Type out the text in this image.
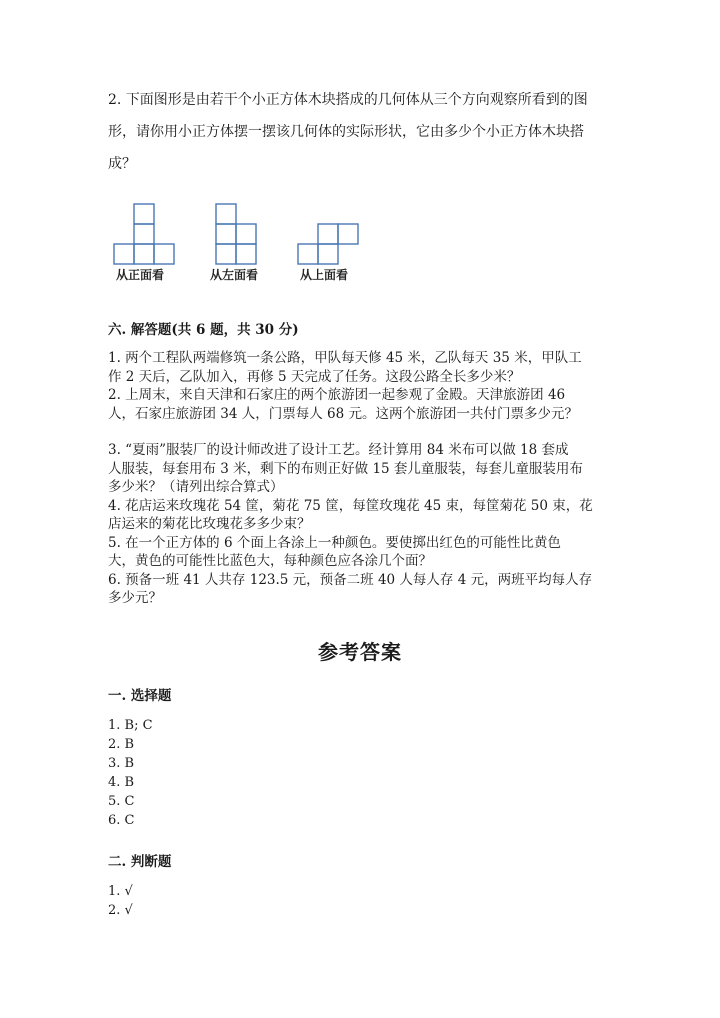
2. 下面图形是由若干个小正方体木块搭成的几何体从三个方向观察所看到的图

形，请你用小正方体摆一摆该几何体的实际形状，它由多少个小正方体木块搭

成？

从正面看	从左面看	从上面看
六. 解答题(共 6 题，共 30 分)

1. 两个工程队两端修筑一条公路，甲队每天修 45 米，乙队每天 35 米，甲队工

作 2 天后，乙队加入，再修 5 天完成了任务。这段公路全长多少米？

2. 上周末，来自天津和石家庄的两个旅游团一起参观了金殿。天津旅游团 46

人，石家庄旅游团 34 人，门票每人 68 元。这两个旅游团一共付门票多少元？

3. “夏雨”服装厂的设计师改进了设计工艺。经计算用 84 米布可以做 18 套成

人服装，每套用布 3 米，剩下的布则正好做 15 套儿童服装，每套儿童服装用布

多少米？（请列出综合算式）

4. 花店运来玫瑰花 54 筐，菊花 75 筐，每筐玫瑰花 45 束，每筐菊花 50 束，花

店运来的菊花比玫瑰花多多少束？

5. 在一个正方体的 6 个面上各涂上一种颜色。要使掷出红色的可能性比黄色

大，黄色的可能性比蓝色大，每种颜色应各涂几个面？

6. 预备一班 41 人共存 123.5 元，预备二班 40 人每人存 4 元，两班平均每人存

多少元？

参考答案
一. 选择题
1. B; C
2. B
3. B
4. B
5. C
6. C
二. 判断题
1. √
2. √
